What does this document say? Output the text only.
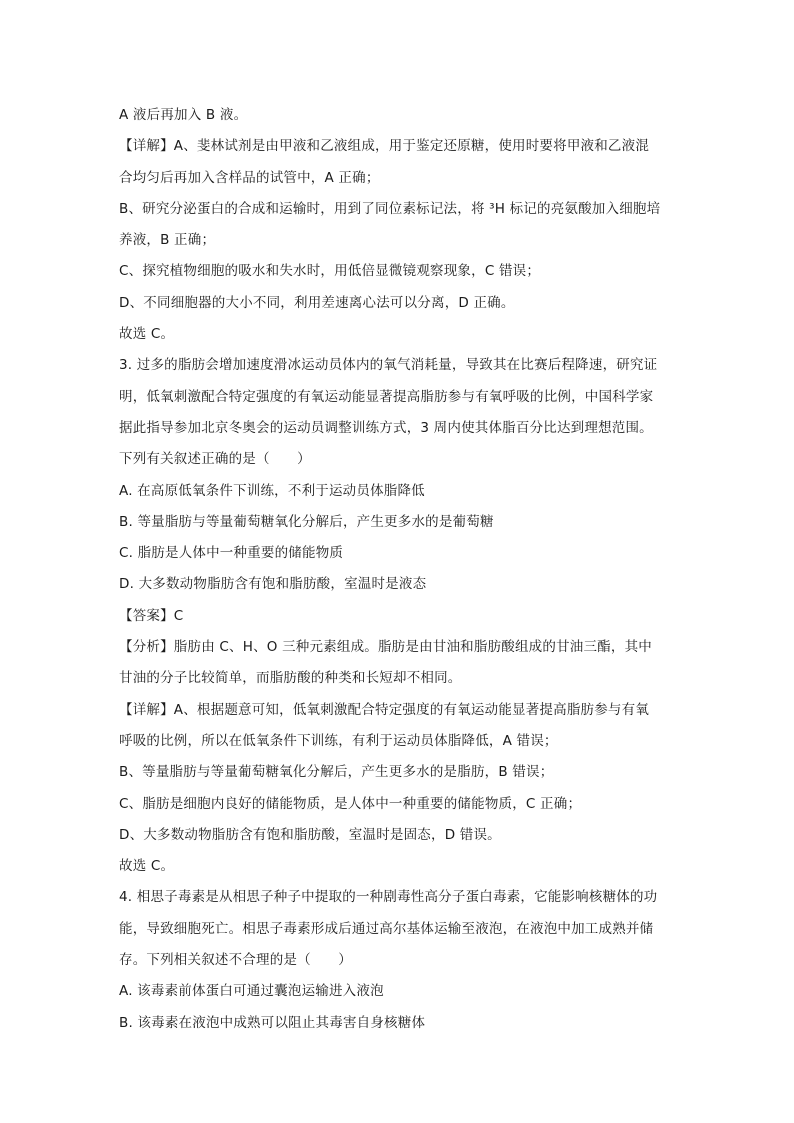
A 液后再加入 B 液。
【详解】A、斐林试剂是由甲液和乙液组成，用于鉴定还原糖，使用时要将甲液和乙液混
合均匀后再加入含样品的试管中，A 正确；
B、研究分泌蛋白的合成和运输时，用到了同位素标记法，将 ³H 标记的亮氨酸加入细胞培
养液，B 正确；
C、探究植物细胞的吸水和失水时，用低倍显微镜观察现象，C 错误；
D、不同细胞器的大小不同，利用差速离心法可以分离，D 正确。
故选 C。
3. 过多的脂肪会增加速度滑冰运动员体内的氧气消耗量，导致其在比赛后程降速，研究证
明，低氧刺激配合特定强度的有氧运动能显著提高脂肪参与有氧呼吸的比例，中国科学家
据此指导参加北京冬奥会的运动员调整训练方式，3 周内使其体脂百分比达到理想范围。
下列有关叙述正确的是（　　）
A. 在高原低氧条件下训练，不利于运动员体脂降低
B. 等量脂肪与等量葡萄糖氧化分解后，产生更多水的是葡萄糖
C. 脂肪是人体中一种重要的储能物质
D. 大多数动物脂肪含有饱和脂肪酸，室温时是液态
【答案】C
【分析】脂肪由 C、H、O 三种元素组成。脂肪是由甘油和脂肪酸组成的甘油三酯，其中
甘油的分子比较简单，而脂肪酸的种类和长短却不相同。
【详解】A、根据题意可知，低氧刺激配合特定强度的有氧运动能显著提高脂肪参与有氧
呼吸的比例，所以在低氧条件下训练，有利于运动员体脂降低，A 错误；
B、等量脂肪与等量葡萄糖氧化分解后，产生更多水的是脂肪，B 错误；
C、脂肪是细胞内良好的储能物质，是人体中一种重要的储能物质，C 正确；
D、大多数动物脂肪含有饱和脂肪酸，室温时是固态，D 错误。
故选 C。
4. 相思子毒素是从相思子种子中提取的一种剧毒性高分子蛋白毒素，它能影响核糖体的功
能，导致细胞死亡。相思子毒素形成后通过高尔基体运输至液泡，在液泡中加工成熟并储
存。下列相关叙述不合理的是（　　）
A. 该毒素前体蛋白可通过囊泡运输进入液泡
B. 该毒素在液泡中成熟可以阻止其毒害自身核糖体
